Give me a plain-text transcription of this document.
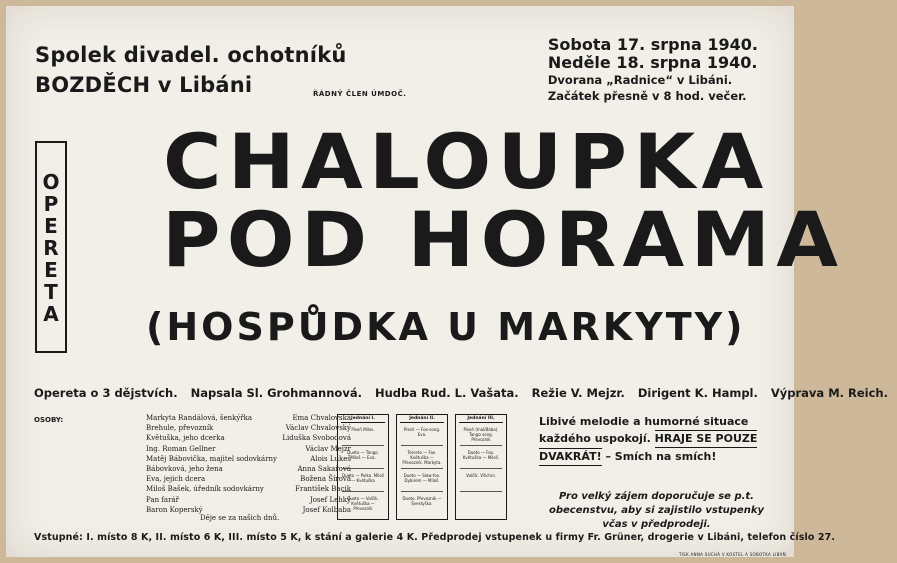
Spolek divadel. ochotníků
BOZDĚCH v Libáni	ŘÁDNÝ ČLEN ÚMDOČ.
Sobota 17. srpna 1940.
Neděle 18. srpna 1940.
Dvorana „Radnice“ v Libáni.
Začátek přesně v 8 hod. večer.
OPERETA
CHALOUPKA
POD HORAMA
(HOSPŮDKA U MARKYTY)
Opereta o 3 dějstvích. Napsala Sl. Grohmannová. Hudba Rud. L. Vašata. Režie V. Mejzr. Dirigent K. Hampl. Výprava M. Reich.
OSOBY:	Markyta Randálová, šenkýřka	Ema Chvalovská
Brehule, převozník	Václav Chvalovský
Květuška, jeho dcerka	Liduška Svobodová
Ing. Roman Gellner	Václav Mejzr
Matěj Bábovička, majitel sodovkárny	Alois Lukeš
Bábovková, jeho žena	Anna Sakařová
Eva, jejich dcera	Božena Šírová
Miloš Bašek, úředník sodovkárny	František Bacik
Pan farář	Josef Lehký
Baron Koperský	Josef Kolbaba
Děje se za našich dnů.
Jednání I.
Píseň Milos.
Dueto — Tango. Miloš — Eva.
Dueto — Polka. Miloš — Květuška
Dueto — Valčík. Květuška — Převozník
Jednání II.
Píseň — Fox-song. Eva.
Terceto — Fox. Květuška — Převozník. Markyta.
Dueto — Slow-fox. Dybirem — Miloš.
Dueto. Převozník — Švestyška.
Jednání III.
Píseň (Inal/Bába). Tango song. Převozník
Dueto — Fox. Květuška — Miloš.
Valčík. Všichni.
Libivé melodie a humorné situace
každého uspokojí. HRAJE SE POUZE
DVAKRÁT! – Smích na smích!
Pro velký zájem doporučuje se p.t. obecenstvu, aby si zajistilo vstupenky včas v předprodeji.
Vstupné: I. místo 8 K, II. místo 6 K, III. místo 5 K, k stání a galerie 4 K. Předprodej vstupenek u firmy Fr. Grüner, drogerie v Libáni, telefon číslo 27.
TISK ANNA SUCHÁ V KOSTEL A SOBOTKA LIBÁŇ
